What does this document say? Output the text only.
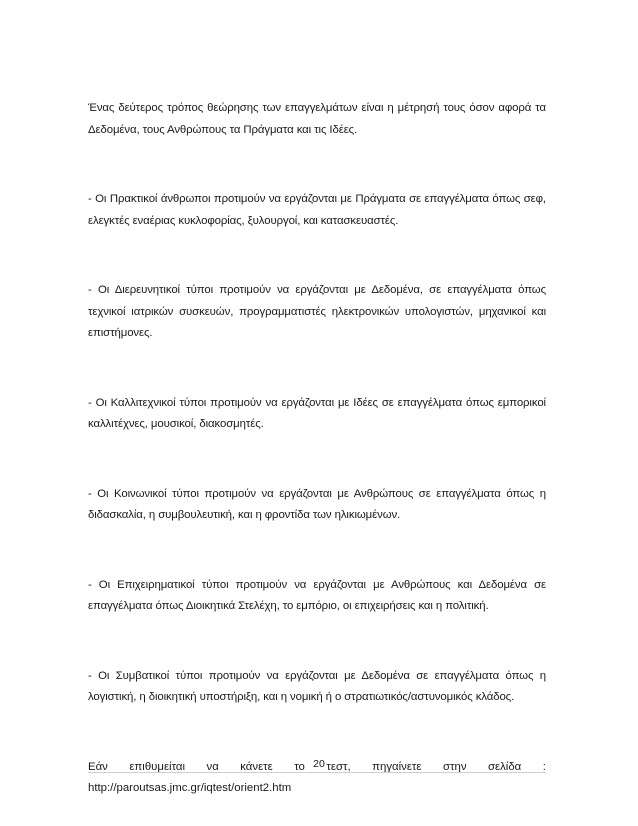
Ένας δεύτερος τρόπος θεώρησης των επαγγελμάτων είναι η μέτρησή τους όσον αφορά τα Δεδομένα, τους Ανθρώπους τα Πράγματα και τις Ιδέες.

- Οι Πρακτικοί άνθρωποι προτιμούν να εργάζονται με Πράγματα σε επαγγέλματα όπως σεφ, ελεγκτές εναέριας κυκλοφορίας, ξυλουργοί, και κατασκευαστές.

- Οι Διερευνητικοί τύποι προτιμούν να εργάζονται με Δεδομένα, σε επαγγέλματα όπως τεχνικοί ιατρικών συσκευών, προγραμματιστές ηλεκτρονικών υπολογιστών, μηχανικοί και επιστήμονες.

- Οι Καλλιτεχνικοί τύποι προτιμούν να εργάζονται με Ιδέες σε επαγγέλματα όπως εμπορικοί καλλιτέχνες, μουσικοί, διακοσμητές.

- Οι Κοινωνικοί τύποι προτιμούν να εργάζονται με Ανθρώπους σε επαγγέλματα όπως η διδασκαλία, η συμβουλευτική, και η φροντίδα των ηλικιωμένων.

- Οι Επιχειρηματικοί τύποι προτιμούν να εργάζονται με Ανθρώπους και Δεδομένα σε επαγγέλματα όπως Διοικητικά Στελέχη, το εμπόριο, οι επιχειρήσεις και η πολιτική.

- Οι Συμβατικοί τύποι προτιμούν να εργάζονται με Δεδομένα σε επαγγέλματα όπως η λογιστική, η διοικητική υποστήριξη, και η νομική ή ο στρατιωτικός/αστυνομικός κλάδος.

Εάν επιθυμείται να κάνετε το τεστ, πηγαίνετε στην σελίδα :
http://paroutsas.jmc.gr/iqtest/orient2.htm
20
